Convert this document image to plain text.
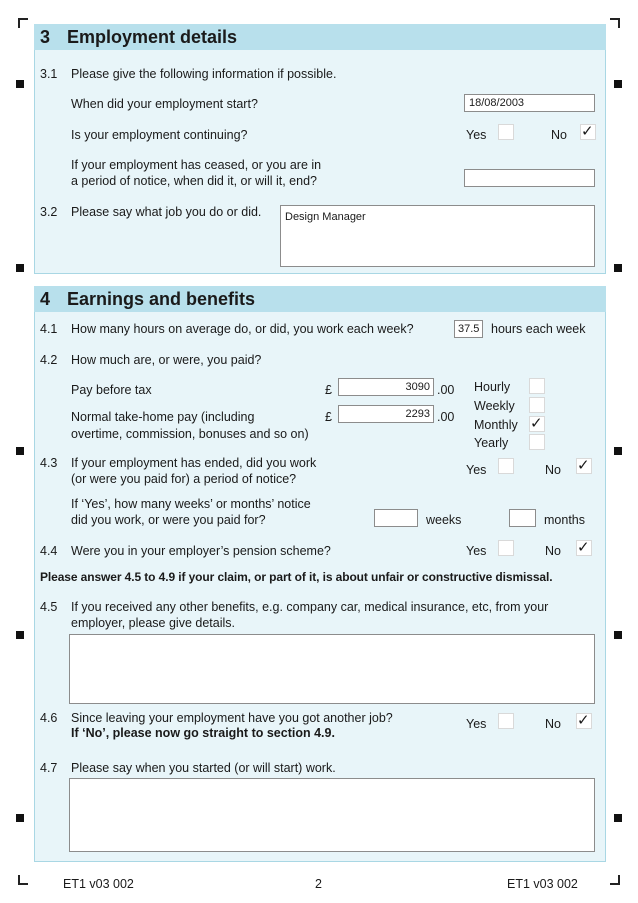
3 Employment details
3.1 Please give the following information if possible.
When did your employment start?	18/08/2003
Is your employment continuing?	Yes	No ✓
If your employment has ceased, or you are in
a period of notice, when did it, or will it, end?
3.2 Please say what job you do or did. Design Manager
4 Earnings and benefits
4.1 How many hours on average do, or did, you work each week?	37.5 hours each week
4.2 How much are, or were, you paid?
Pay before tax	£	3090 .00
Normal take-home pay (including
overtime, commission, bonuses and so on)
£	2293 .00
Hourly
Weekly
Monthly ✓
Yearly
4.3 If your employment has ended, did you work
(or were you paid for) a period of notice?
Yes	No ✓
If ‘Yes’, how many weeks’ or months’ notice
did you work, or were you paid for?	weeks	months
4.4 Were you in your employer’s pension scheme?	Yes	No ✓
Please answer 4.5 to 4.9 if your claim, or part of it, is about unfair or constructive dismissal.
4.5 If you received any other benefits, e.g. company car, medical insurance, etc, from your
employer, please give details.
4.6 Since leaving your employment have you got another job?
If ‘No’, please now go straight to section 4.9.
Yes	No ✓
4.7 Please say when you started (or will start) work.
ET1 v03 002	2	ET1 v03 002
